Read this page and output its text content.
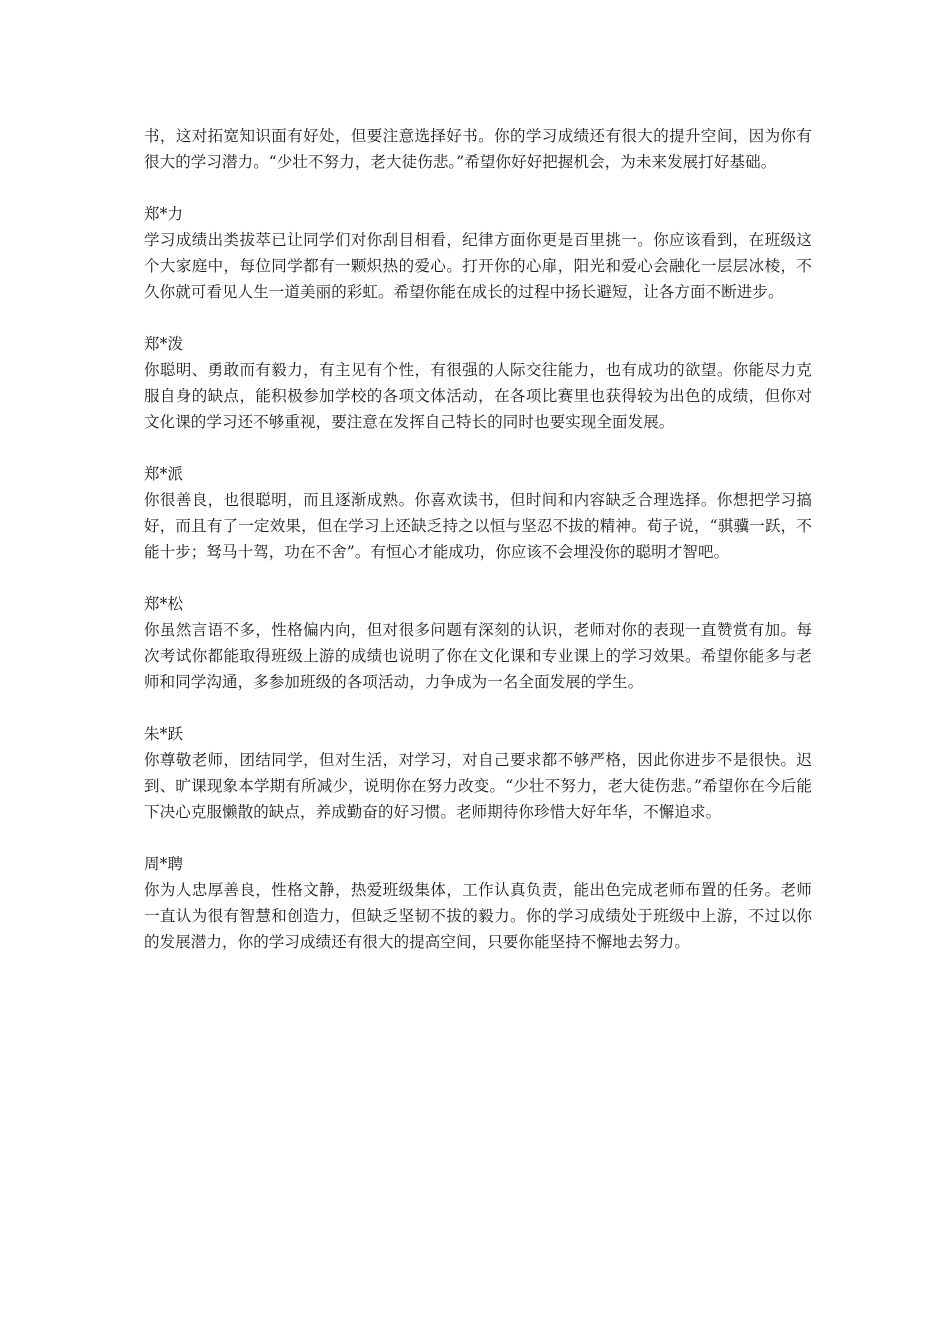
书，这对拓宽知识面有好处，但要注意选择好书。你的学习成绩还有很大的提升空间，因为你有很大的学习潜力。“少壮不努力，老大徒伤悲。”希望你好好把握机会，为未来发展打好基础。

郑*力

学习成绩出类拔萃已让同学们对你刮目相看，纪律方面你更是百里挑一。你应该看到，在班级这个大家庭中，每位同学都有一颗炽热的爱心。打开你的心扉，阳光和爱心会融化一层层冰棱，不久你就可看见人生一道美丽的彩虹。希望你能在成长的过程中扬长避短，让各方面不断进步。

郑*泼

你聪明、勇敢而有毅力，有主见有个性，有很强的人际交往能力，也有成功的欲望。你能尽力克服自身的缺点，能积极参加学校的各项文体活动，在各项比赛里也获得较为出色的成绩，但你对文化课的学习还不够重视，要注意在发挥自己特长的同时也要实现全面发展。

郑*派

你很善良，也很聪明，而且逐渐成熟。你喜欢读书，但时间和内容缺乏合理选择。你想把学习搞好，而且有了一定效果，但在学习上还缺乏持之以恒与坚忍不拔的精神。荀子说，“骐骥一跃，不能十步；驽马十驾，功在不舍”。有恒心才能成功，你应该不会埋没你的聪明才智吧。

郑*松

你虽然言语不多，性格偏内向，但对很多问题有深刻的认识，老师对你的表现一直赞赏有加。每次考试你都能取得班级上游的成绩也说明了你在文化课和专业课上的学习效果。希望你能多与老师和同学沟通，多参加班级的各项活动，力争成为一名全面发展的学生。

朱*跃

你尊敬老师，团结同学，但对生活，对学习，对自己要求都不够严格，因此你进步不是很快。迟到、旷课现象本学期有所减少，说明你在努力改变。“少壮不努力，老大徒伤悲。”希望你在今后能下决心克服懒散的缺点，养成勤奋的好习惯。老师期待你珍惜大好年华，不懈追求。

周*聘

你为人忠厚善良，性格文静，热爱班级集体，工作认真负责，能出色完成老师布置的任务。老师一直认为很有智慧和创造力，但缺乏坚韧不拔的毅力。你的学习成绩处于班级中上游，不过以你的发展潜力，你的学习成绩还有很大的提高空间，只要你能坚持不懈地去努力。
